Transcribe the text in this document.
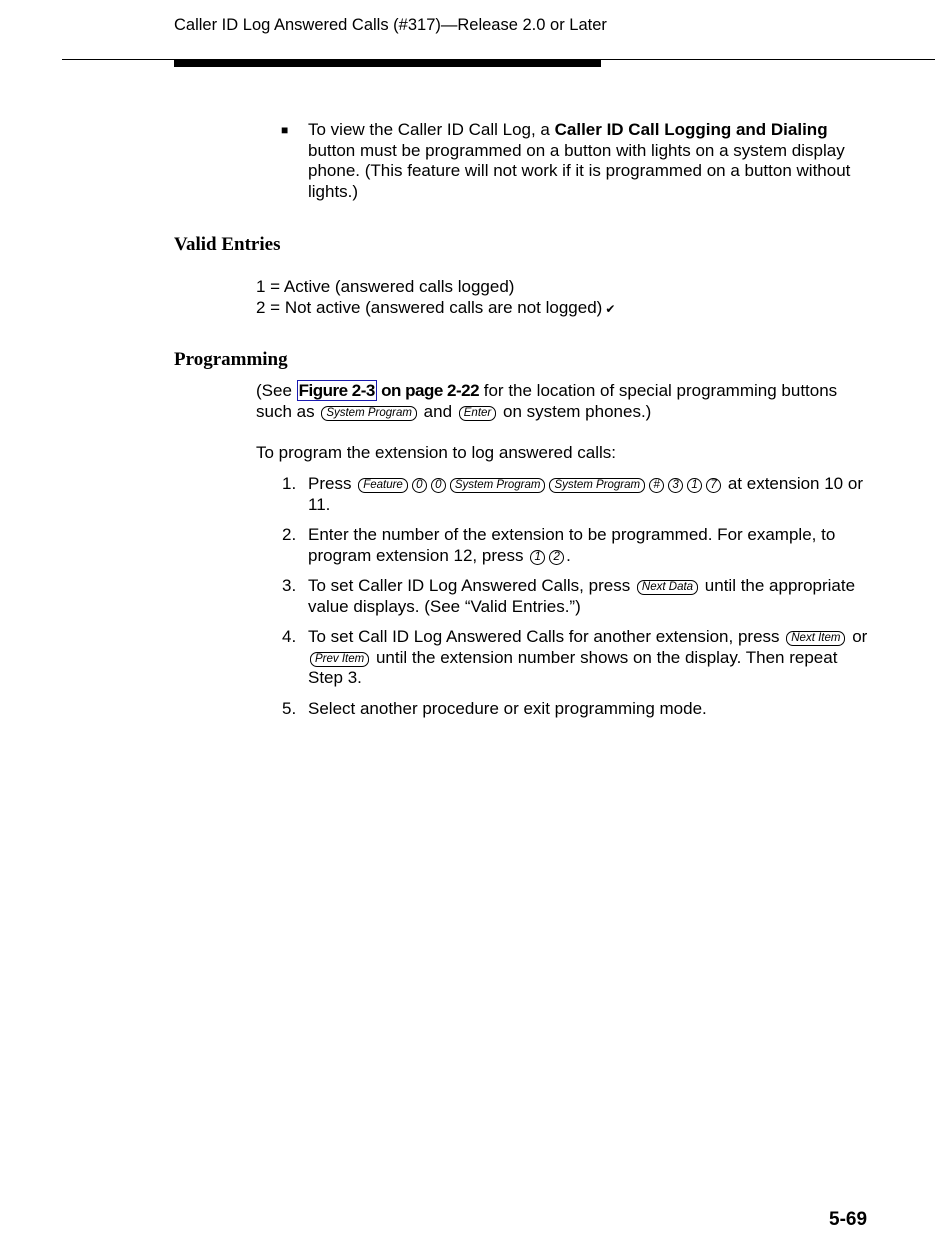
Caller ID Log Answered Calls (#317)—Release 2.0 or Later
■ To view the Caller ID Call Log, a Caller ID Call Logging and Dialing button must be programmed on a button with lights on a system display phone. (This feature will not work if it is programmed on a button without lights.)
Valid Entries
1 = Active (answered calls logged)
2 = Not active (answered calls are not logged) ✔
Programming
(See Figure 2-3 on page 2-22 for the location of special programming buttons such as System Program and Enter on system phones.)
To program the extension to log answered calls:
1. Press Feature 0 0 System Program System Program # 3 1 7 at extension 10 or 11.
2. Enter the number of the extension to be programmed. For example, to program extension 12, press 1 2 .
3. To set Caller ID Log Answered Calls, press Next Data until the appropriate value displays. (See “Valid Entries.”)
4. To set Call ID Log Answered Calls for another extension, press Next Item or Prev Item until the extension number shows on the display. Then repeat Step 3.
5. Select another procedure or exit programming mode.
5-69
